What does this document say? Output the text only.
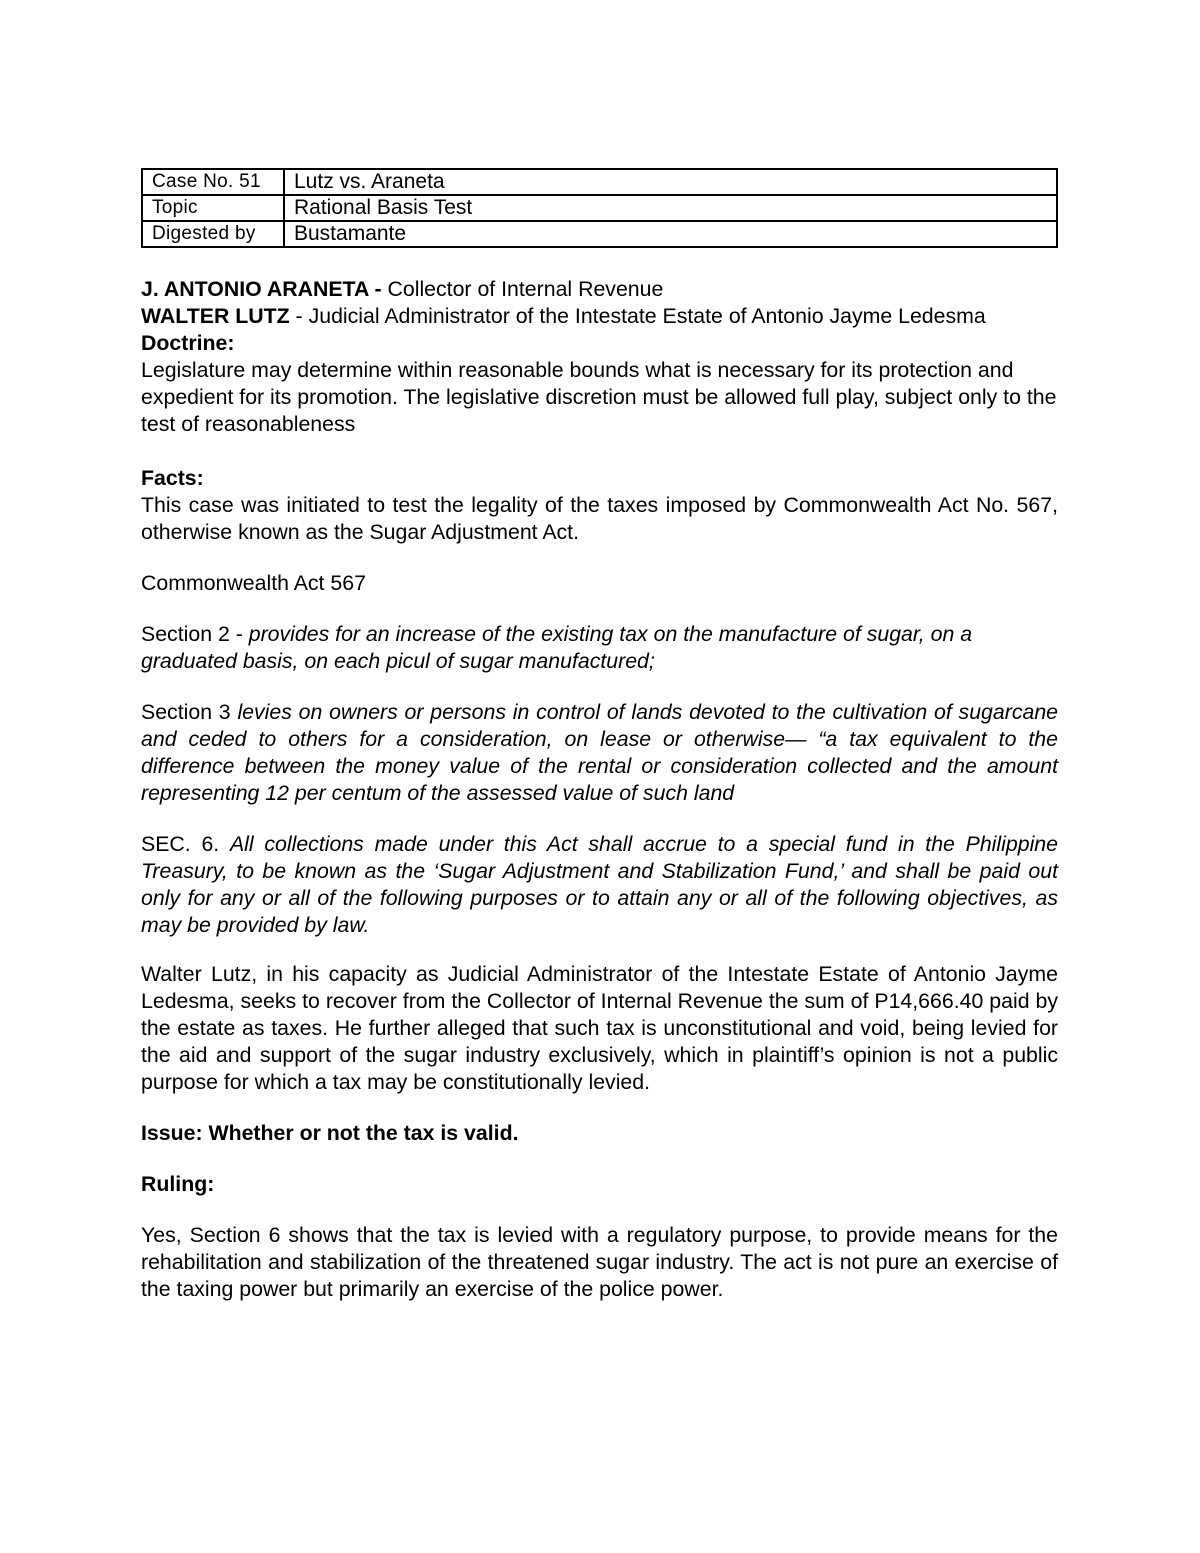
Case No. 51	Lutz vs. Araneta
Topic	Rational Basis Test
Digested by	Bustamante

J. ANTONIO ARANETA - Collector of Internal Revenue

WALTER LUTZ - Judicial Administrator of the Intestate Estate of Antonio Jayme Ledesma

Doctrine:

Legislature may determine within reasonable bounds what is necessary for its protection and expedient for its promotion. The legislative discretion must be allowed full play, subject only to the test of reasonableness

Facts:

This case was initiated to test the legality of the taxes imposed by Commonwealth Act No. 567, otherwise known as the Sugar Adjustment Act.

Commonwealth Act 567

Section 2 - provides for an increase of the existing tax on the manufacture of sugar, on a graduated basis, on each picul of sugar manufactured;

Section 3 levies on owners or persons in control of lands devoted to the cultivation of sugarcane and ceded to others for a consideration, on lease or otherwise— “a tax equivalent to the difference between the money value of the rental or consideration collected and the amount representing 12 per centum of the assessed value of such land

SEC. 6. All collections made under this Act shall accrue to a special fund in the Philippine Treasury, to be known as the ‘Sugar Adjustment and Stabilization Fund,’ and shall be paid out only for any or all of the following purposes or to attain any or all of the following objectives, as may be provided by law.

Walter Lutz, in his capacity as Judicial Administrator of the Intestate Estate of Antonio Jayme Ledesma, seeks to recover from the Collector of Internal Revenue the sum of P14,666.40 paid by the estate as taxes. He further alleged that such tax is unconstitutional and void, being levied for the aid and support of the sugar industry exclusively, which in plaintiff’s opinion is not a public purpose for which a tax may be constitutionally levied.

Issue: Whether or not the tax is valid.

Ruling:

Yes, Section 6 shows that the tax is levied with a regulatory purpose, to provide means for the rehabilitation and stabilization of the threatened sugar industry. The act is not pure an exercise of the taxing power but primarily an exercise of the police power.
